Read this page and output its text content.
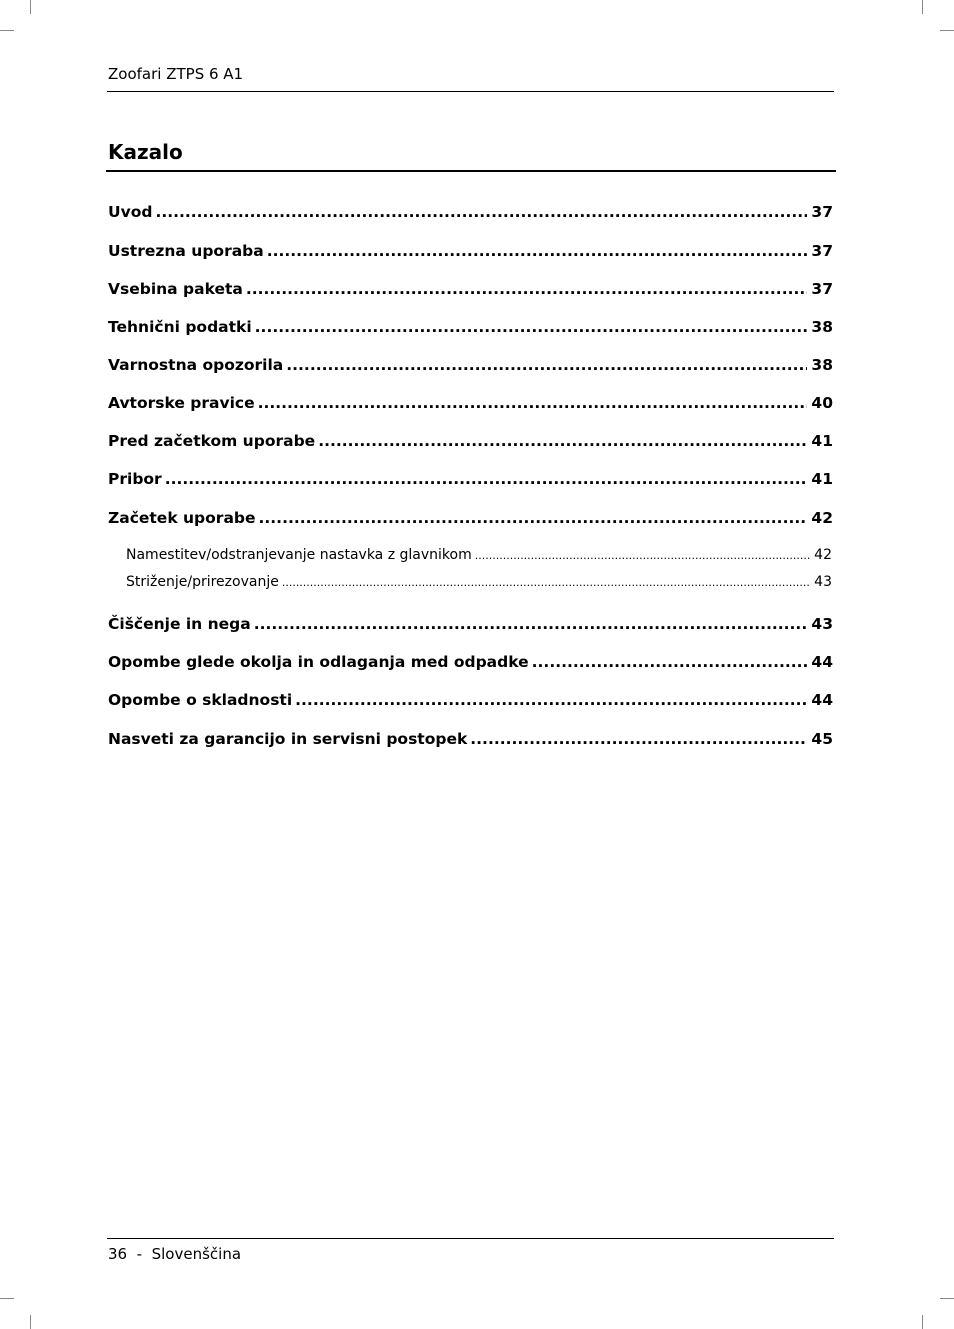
Zoofari ZTPS 6 A1
Kazalo
Uvod .....	37
Ustrezna uporaba .....	37
Vsebina paketa .....	37
Tehnični podatki .....	38
Varnostna opozorila .....	38
Avtorske pravice .....	40
Pred začetkom uporabe .....	41
Pribor .....	41
Začetek uporabe .....	42
Namestitev/odstranjevanje nastavka z glavnikom .....	42
Striženje/prirezovanje .....	43
Čiščenje in nega .....	43
Opombe glede okolja in odlaganja med odpadke .....	44
Opombe o skladnosti .....	44
Nasveti za garancijo in servisni postopek .....	45
36 - Slovenščina
